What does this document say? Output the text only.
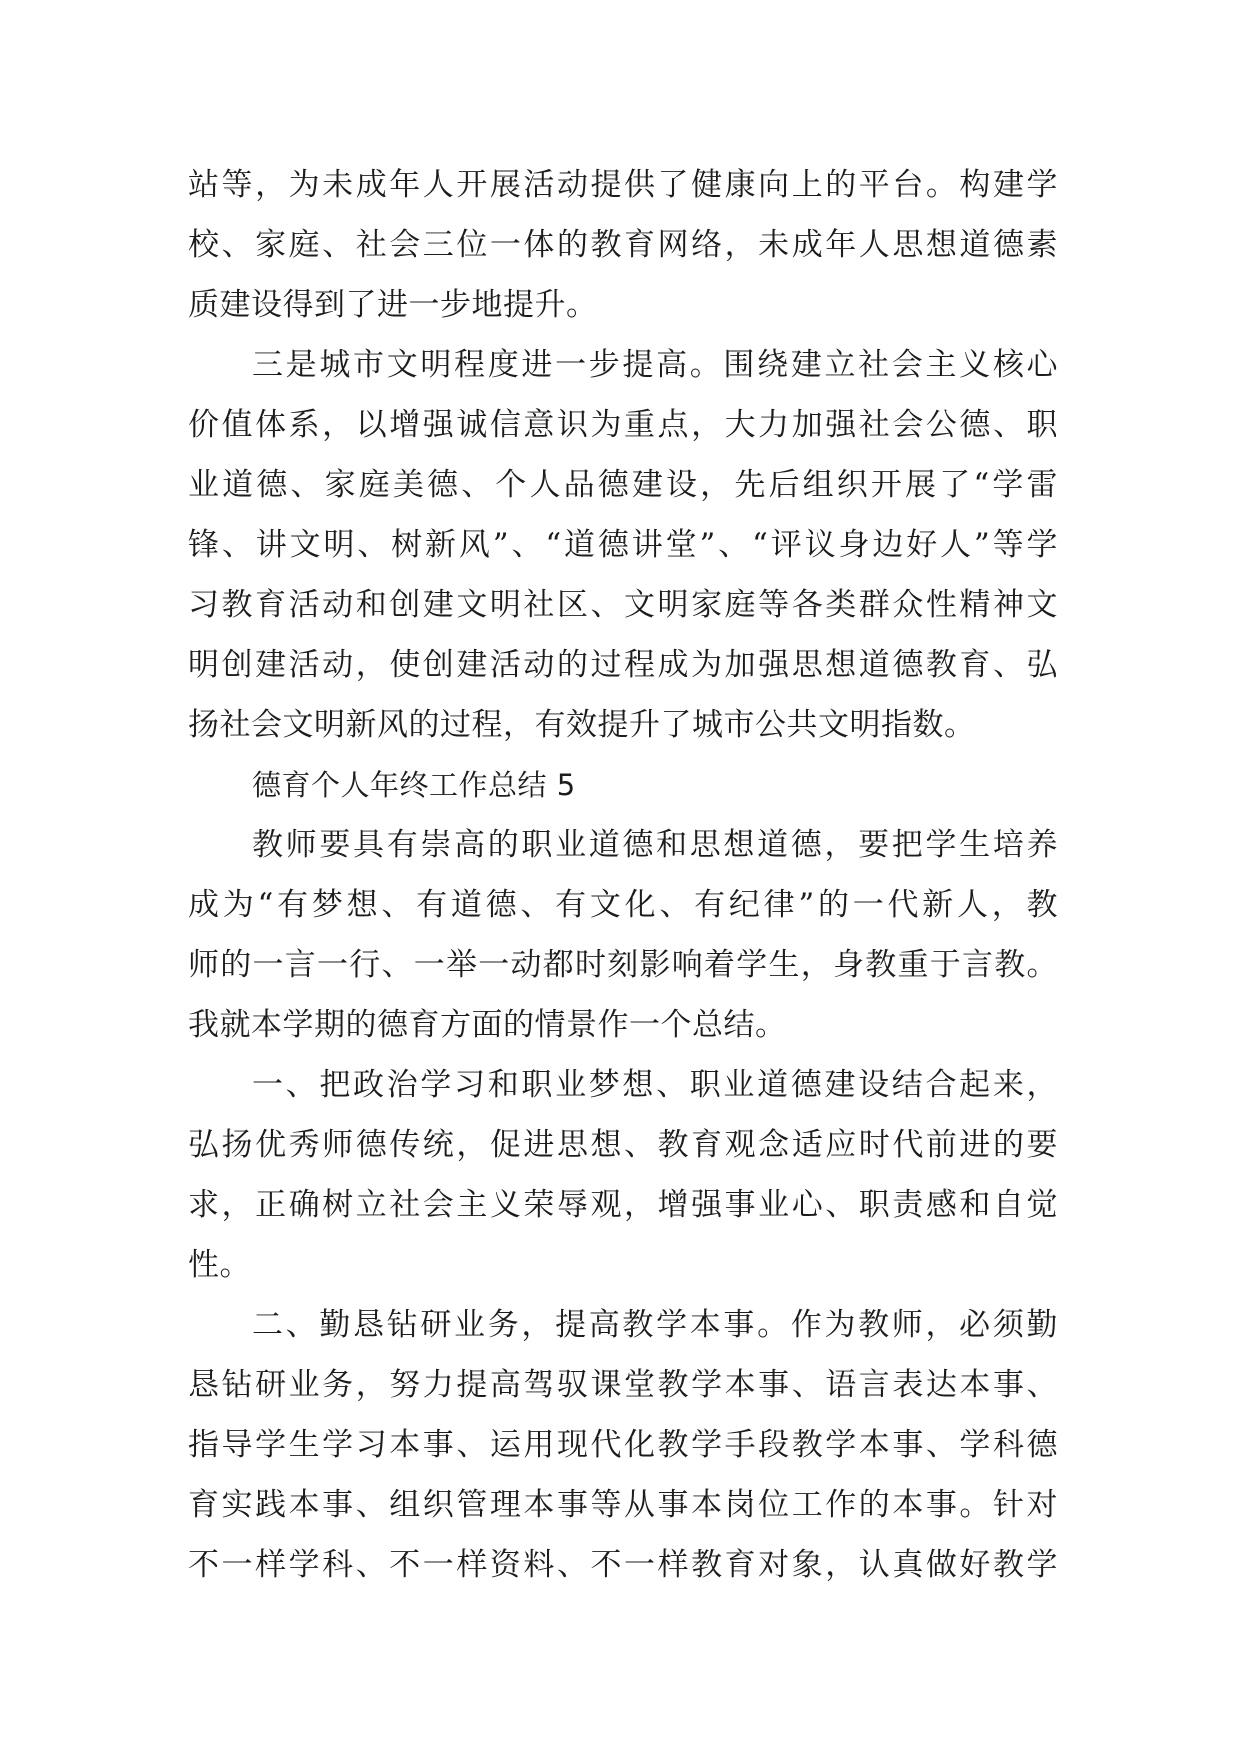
站等，为未成年人开展活动提供了健康向上的平台。构建学
校、家庭、社会三位一体的教育网络，未成年人思想道德素
质建设得到了进一步地提升。
三是城市文明程度进一步提高。围绕建立社会主义核心
价值体系，以增强诚信意识为重点，大力加强社会公德、职
业道德、家庭美德、个人品德建设，先后组织开展了“学雷
锋、讲文明、树新风”、“道德讲堂”、“评议身边好人”等学
习教育活动和创建文明社区、文明家庭等各类群众性精神文
明创建活动，使创建活动的过程成为加强思想道德教育、弘
扬社会文明新风的过程，有效提升了城市公共文明指数。
德育个人年终工作总结 5
教师要具有崇高的职业道德和思想道德，要把学生培养
成为“有梦想、有道德、有文化、有纪律”的一代新人，教
师的一言一行、一举一动都时刻影响着学生，身教重于言教。
我就本学期的德育方面的情景作一个总结。
一、把政治学习和职业梦想、职业道德建设结合起来，
弘扬优秀师德传统，促进思想、教育观念适应时代前进的要
求，正确树立社会主义荣辱观，增强事业心、职责感和自觉
性。
二、勤恳钻研业务，提高教学本事。作为教师，必须勤
恳钻研业务，努力提高驾驭课堂教学本事、语言表达本事、
指导学生学习本事、运用现代化教学手段教学本事、学科德
育实践本事、组织管理本事等从事本岗位工作的本事。针对
不一样学科、不一样资料、不一样教育对象，认真做好教学
